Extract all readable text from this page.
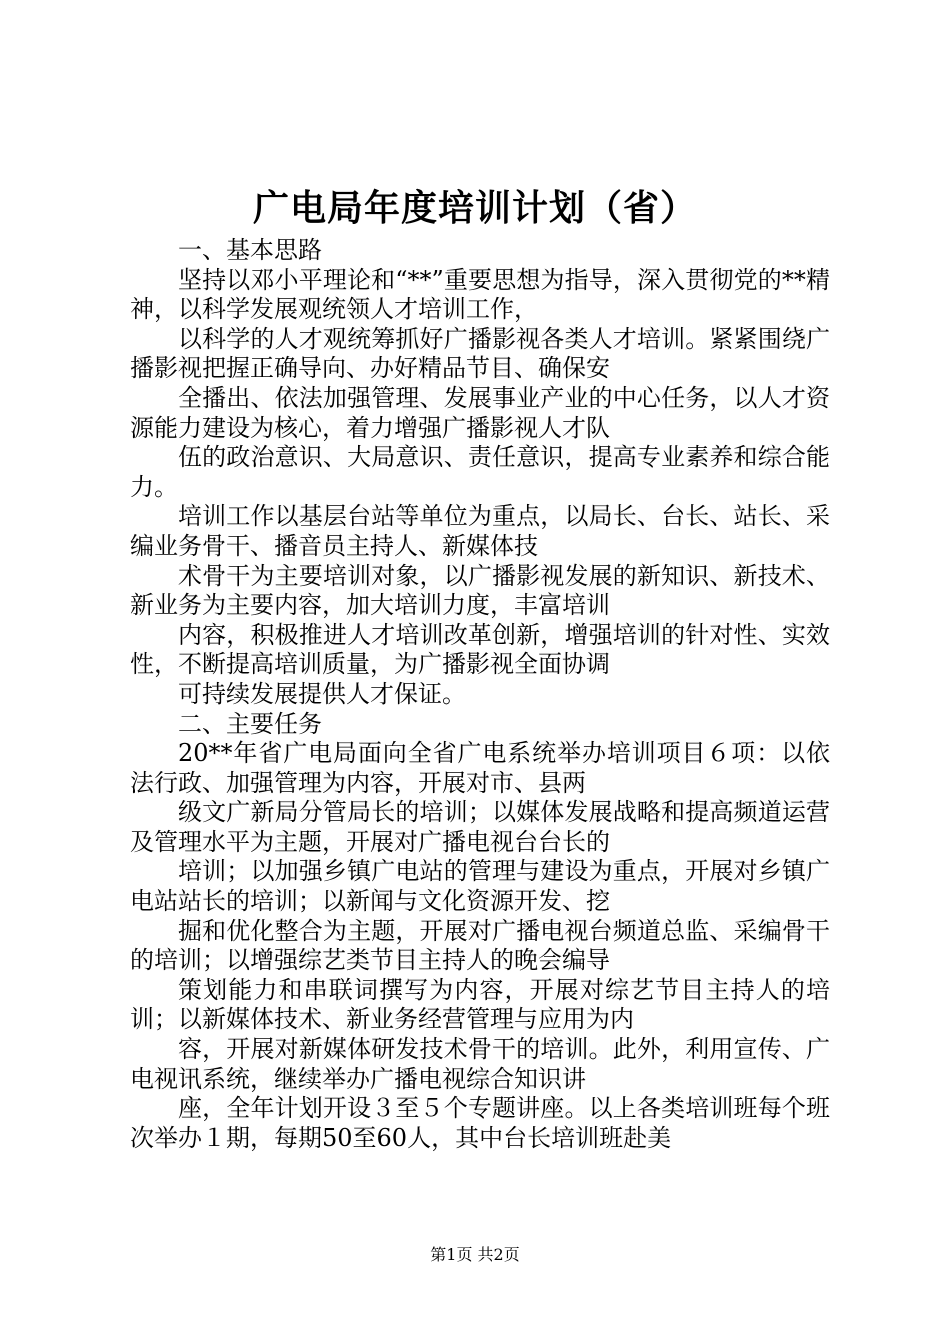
广电局年度培训计划（省）

一、基本思路

坚持以邓小平理论和“**”重要思想为指导，深入贯彻党的**精神，以科学发展观统领人才培训工作，

以科学的人才观统筹抓好广播影视各类人才培训。紧紧围绕广播影视把握正确导向、办好精品节目、确保安

全播出、依法加强管理、发展事业产业的中心任务，以人才资源能力建设为核心，着力增强广播影视人才队

伍的政治意识、大局意识、责任意识，提高专业素养和综合能力。

培训工作以基层台站等单位为重点，以局长、台长、站长、采编业务骨干、播音员主持人、新媒体技

术骨干为主要培训对象，以广播影视发展的新知识、新技术、新业务为主要内容，加大培训力度，丰富培训

内容，积极推进人才培训改革创新，增强培训的针对性、实效性，不断提高培训质量，为广播影视全面协调

可持续发展提供人才保证。

二、主要任务

20**年省广电局面向全省广电系统举办培训项目６项：以依法行政、加强管理为内容，开展对市、县两

级文广新局分管局长的培训；以媒体发展战略和提高频道运营及管理水平为主题，开展对广播电视台台长的

培训；以加强乡镇广电站的管理与建设为重点，开展对乡镇广电站站长的培训；以新闻与文化资源开发、挖

掘和优化整合为主题，开展对广播电视台频道总监、采编骨干的培训；以增强综艺类节目主持人的晚会编导

策划能力和串联词撰写为内容，开展对综艺节目主持人的培训；以新媒体技术、新业务经营管理与应用为内

容，开展对新媒体研发技术骨干的培训。此外，利用宣传、广电视讯系统，继续举办广播电视综合知识讲

座，全年计划开设３至５个专题讲座。以上各类培训班每个班次举办１期，每期50至60人，其中台长培训班赴美

第1页 共2页
